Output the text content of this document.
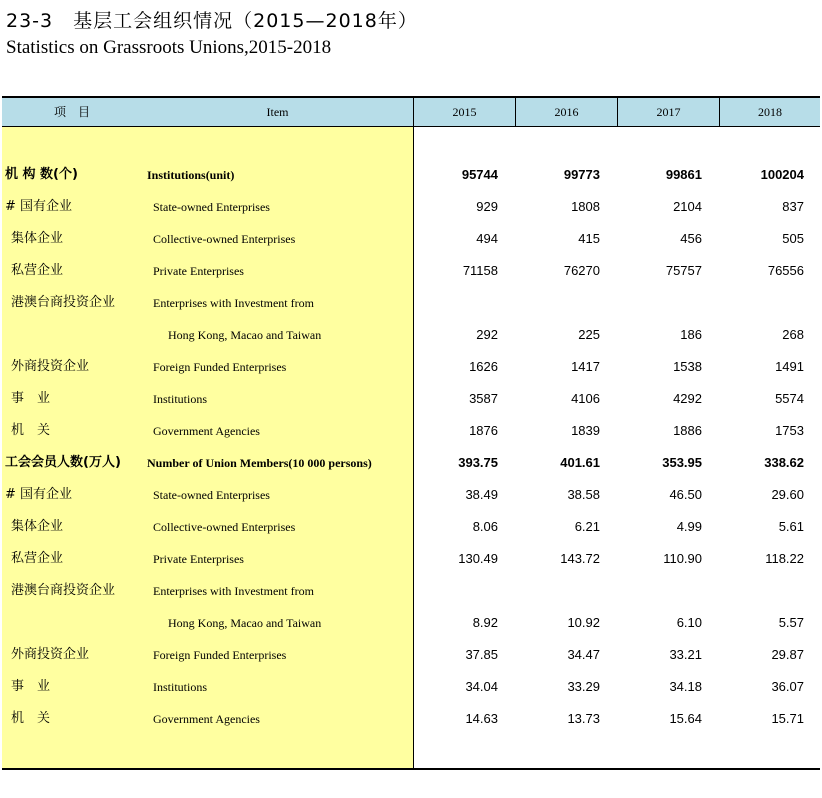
23-3　基层工会组织情况（2015—2018年）
Statistics on Grassroots Unions,2015-2018
项　目	Item	2015	2016	2017	2018
机 构 数(个)	Institutions(unit)	95744	99773	99861	100204
# 国有企业	State-owned Enterprises	929	1808	2104	837
集体企业	Collective-owned Enterprises	494	415	456	505
私营企业	Private Enterprises	71158	76270	75757	76556
港澳台商投资企业	Enterprises with Investment from
Hong Kong, Macao and Taiwan	292	225	186	268
外商投资企业	Foreign Funded Enterprises	1626	1417	1538	1491
事　业	Institutions	3587	4106	4292	5574
机　关	Government Agencies	1876	1839	1886	1753
工会会员人数(万人) Number of Union Members(10 000 persons)	393.75	401.61	353.95	338.62
# 国有企业	State-owned Enterprises	38.49	38.58	46.50	29.60
集体企业	Collective-owned Enterprises	8.06	6.21	4.99	5.61
私营企业	Private Enterprises	130.49	143.72	110.90	118.22
港澳台商投资企业	Enterprises with Investment from
Hong Kong, Macao and Taiwan	8.92	10.92	6.10	5.57
外商投资企业	Foreign Funded Enterprises	37.85	34.47	33.21	29.87
事　业	Institutions	34.04	33.29	34.18	36.07
机　关	Government Agencies	14.63	13.73	15.64	15.71
